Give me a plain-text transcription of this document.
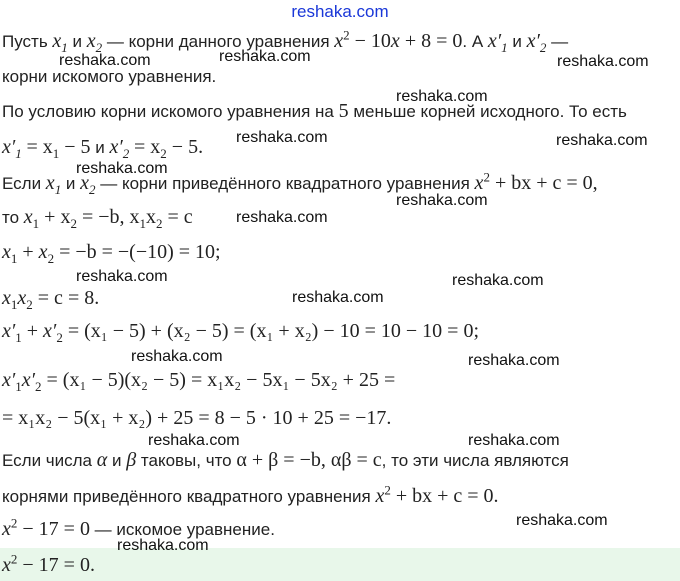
reshaka.com
Пусть $x_1$ и $x_2$ — корни данного уравнения $x^2 - 10x + 8 = 0$. А $x'_1$ и $x'_2$ —
корни искомого уравнения.
По условию корни искомого уравнения на 5 меньше корней исходного. То есть
$x'_1 = x_1 - 5$ и $x'_2 = x_2 - 5$.
Если $x_1$ и $x_2$ — корни приведённого квадратного уравнения $x^2$ + bx + c = 0,
то $x_1 + x_2 = -b$, $x_1x_2 = c$
$x_1 + x_2 = -b = -(-10) = 10$;
$x_1x_2 = c = 8$.
$x'_1 + x'_2 = (x_1 - 5) + (x_2 - 5) = (x_1 + x_2) - 10 = 10 - 10 = 0$;
$x'_1x'_2 = (x_1 - 5)(x_2 - 5) = x_1x_2 - 5x_1 - 5x_2 + 25$ =
= x₁x₂ − 5(x₁ + x₂) + 25 = 8 − 5 · 10 + 25 = −17.
Если числа α и β таковы, что α + β = −b, αβ = c, то эти числа являются
корнями приведённого квадратного уравнения $x^2$ + bx + c = 0.
$x^2 - 17 = 0$ — искомое уравнение.
$x^2 - 17 = 0$.
reshaka.com	reshaka.com	reshaka.com
reshaka.com
reshaka.com	reshaka.com
reshaka.com
reshaka.com
reshaka.com
reshaka.com	reshaka.com
reshaka.com
reshaka.com	reshaka.com
reshaka.com	reshaka.com
reshaka.com
reshaka.com
